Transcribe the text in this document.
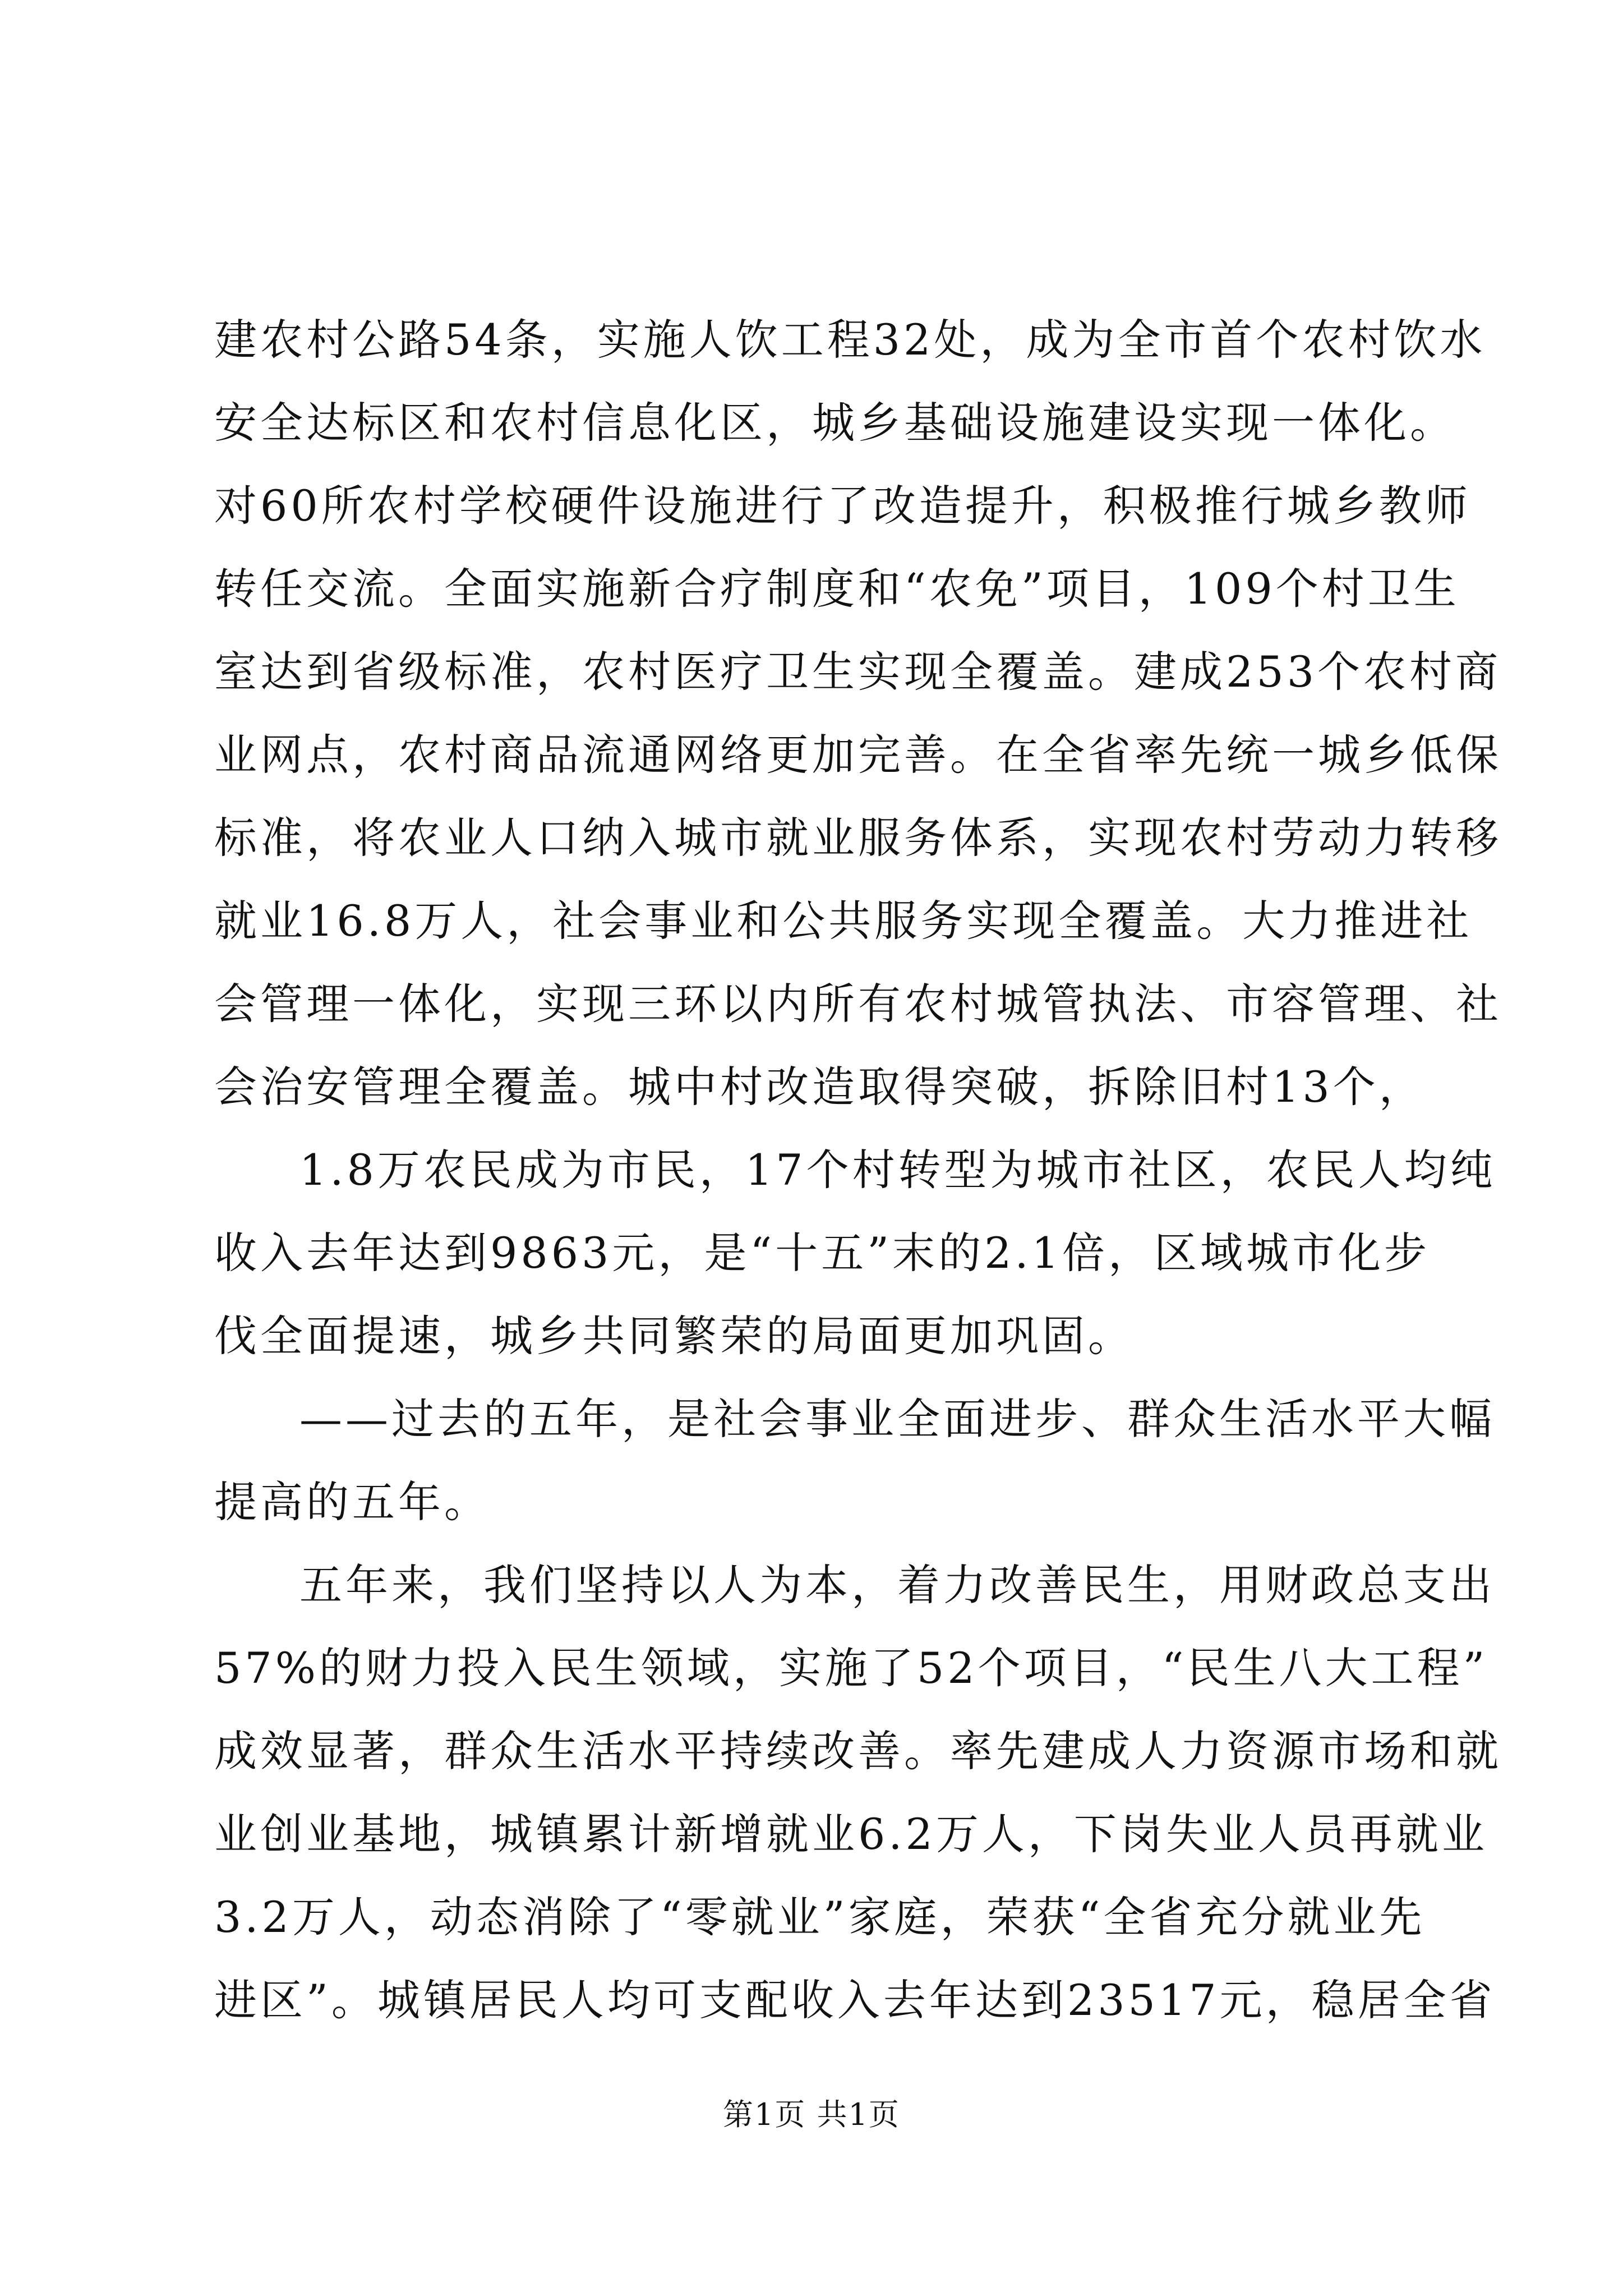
建农村公路54条，实施人饮工程32处，成为全市首个农村饮水
安全达标区和农村信息化区，城乡基础设施建设实现一体化。
对60所农村学校硬件设施进行了改造提升，积极推行城乡教师
转任交流。全面实施新合疗制度和“农免”项目，109个村卫生
室达到省级标准，农村医疗卫生实现全覆盖。建成253个农村商
业网点，农村商品流通网络更加完善。在全省率先统一城乡低保
标准，将农业人口纳入城市就业服务体系，实现农村劳动力转移
就业16.8万人，社会事业和公共服务实现全覆盖。大力推进社
会管理一体化，实现三环以内所有农村城管执法、市容管理、社
会治安管理全覆盖。城中村改造取得突破，拆除旧村13个，
1.8万农民成为市民，17个村转型为城市社区，农民人均纯
收入去年达到9863元，是“十五”末的2.1倍，区域城市化步
伐全面提速，城乡共同繁荣的局面更加巩固。
——过去的五年，是社会事业全面进步、群众生活水平大幅
提高的五年。
五年来，我们坚持以人为本，着力改善民生，用财政总支出
57%的财力投入民生领域，实施了52个项目，“民生八大工程”
成效显著，群众生活水平持续改善。率先建成人力资源市场和就
业创业基地，城镇累计新增就业6.2万人，下岗失业人员再就业
3.2万人，动态消除了“零就业”家庭，荣获“全省充分就业先
进区”。城镇居民人均可支配收入去年达到23517元，稳居全省
第1页 共1页
